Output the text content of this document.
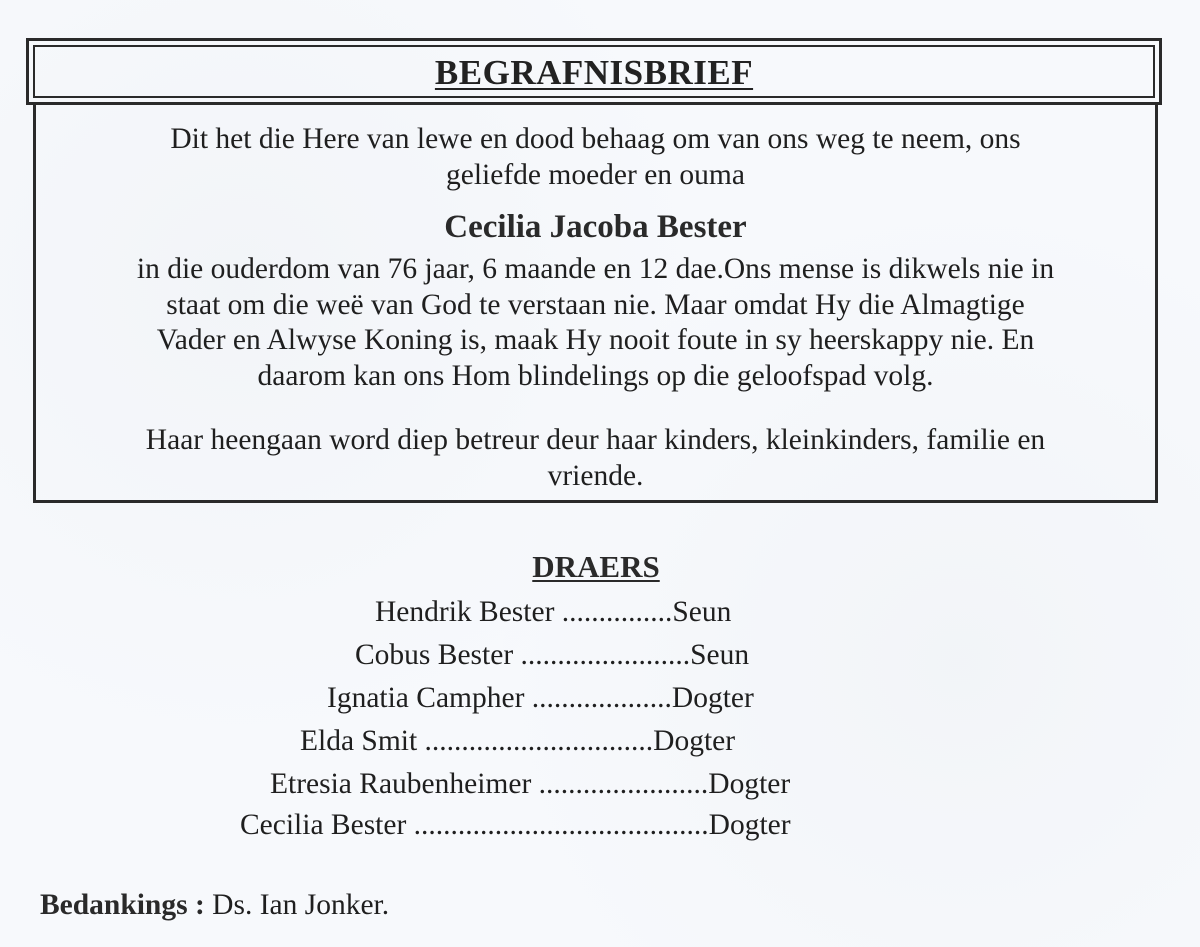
BEGRAFNISBRIEF
Dit het die Here van lewe en dood behaag om van ons weg te neem, ons
geliefde moeder en ouma
Cecilia Jacoba Bester
in die ouderdom van 76 jaar, 6 maande en 12 dae.Ons mense is dikwels nie in
staat om die weë van God te verstaan nie. Maar omdat Hy die Almagtige
Vader en Alwyse Koning is, maak Hy nooit foute in sy heerskappy nie. En
daarom kan ons Hom blindelings op die geloofspad volg.
Haar heengaan word diep betreur deur haar kinders, kleinkinders, familie en
vriende.
DRAERS
Hendrik Bester ...............Seun
Cobus Bester .......................Seun
Ignatia Campher ...................Dogter
Elda Smit ...............................Dogter
Etresia Raubenheimer .......................Dogter
Cecilia Bester ........................................Dogter
Bedankings : Ds. Ian Jonker.
